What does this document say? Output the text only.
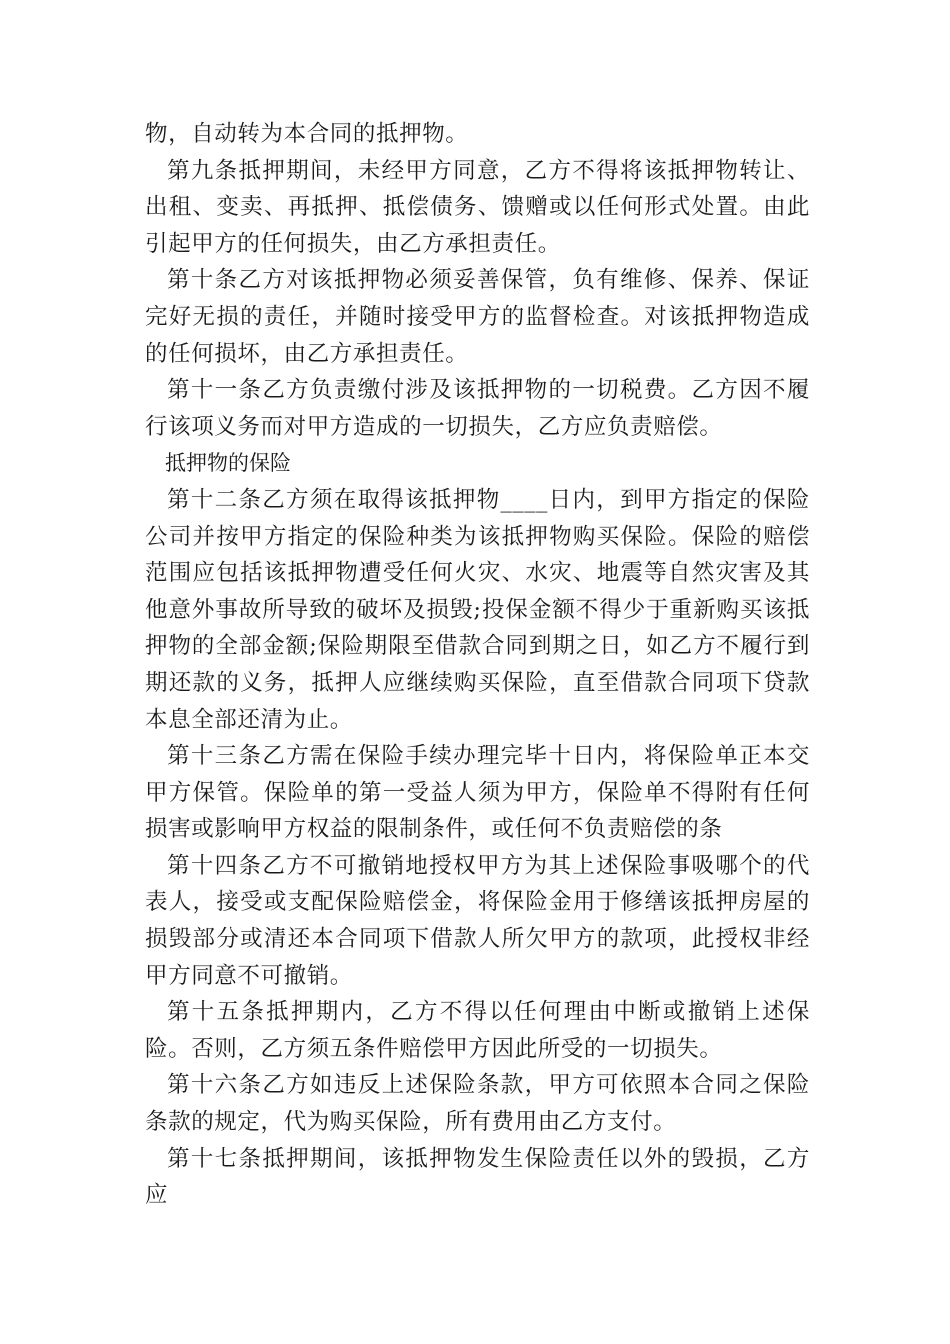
物，自动转为本合同的抵押物。

第九条抵押期间，未经甲方同意，乙方不得将该抵押物转让、出租、变卖、再抵押、抵偿债务、馈赠或以任何形式处置。由此引起甲方的任何损失，由乙方承担责任。

第十条乙方对该抵押物必须妥善保管，负有维修、保养、保证完好无损的责任，并随时接受甲方的监督检查。对该抵押物造成的任何损坏，由乙方承担责任。

第十一条乙方负责缴付涉及该抵押物的一切税费。乙方因不履行该项义务而对甲方造成的一切损失，乙方应负责赔偿。

抵押物的保险

第十二条乙方须在取得该抵押物____日内，到甲方指定的保险公司并按甲方指定的保险种类为该抵押物购买保险。保险的赔偿范围应包括该抵押物遭受任何火灾、水灾、地震等自然灾害及其他意外事故所导致的破坏及损毁;投保金额不得少于重新购买该抵押物的全部金额;保险期限至借款合同到期之日，如乙方不履行到期还款的义务，抵押人应继续购买保险，直至借款合同项下贷款本息全部还清为止。

第十三条乙方需在保险手续办理完毕十日内，将保险单正本交甲方保管。保险单的第一受益人须为甲方，保险单不得附有任何损害或影响甲方权益的限制条件，或任何不负责赔偿的条

第十四条乙方不可撤销地授权甲方为其上述保险事吸哪个的代表人，接受或支配保险赔偿金，将保险金用于修缮该抵押房屋的损毁部分或清还本合同项下借款人所欠甲方的款项，此授权非经甲方同意不可撤销。

第十五条抵押期内，乙方不得以任何理由中断或撤销上述保险。否则，乙方须五条件赔偿甲方因此所受的一切损失。

第十六条乙方如违反上述保险条款，甲方可依照本合同之保险条款的规定，代为购买保险，所有费用由乙方支付。

第十七条抵押期间，该抵押物发生保险责任以外的毁损，乙方应
